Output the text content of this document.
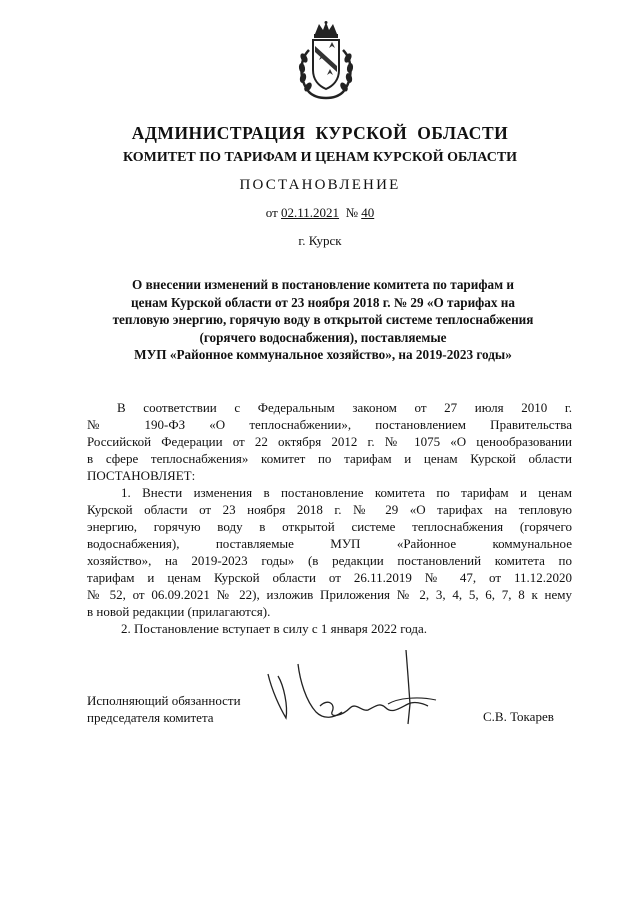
АДМИНИСТРАЦИЯ КУРСКОЙ ОБЛАСТИ
КОМИТЕТ ПО ТАРИФАМ И ЦЕНАМ КУРСКОЙ ОБЛАСТИ
ПОСТАНОВЛЕНИЕ
от 02.11.2021 № 40
г. Курск
О внесении изменений в постановление комитета по тарифам и
ценам Курской области от 23 ноября 2018 г. № 29 «О тарифах на
тепловую энергию, горячую воду в открытой системе теплоснабжения
(горячего водоснабжения), поставляемые
МУП «Районное коммунальное хозяйство», на 2019-2023 годы»
В соответствии с Федеральным законом от 27 июля 2010 г.
№ 190-ФЗ «О теплоснабжении», постановлением Правительства
Российской Федерации от 22 октября 2012 г. № 1075 «О ценообразовании
в сфере теплоснабжения» комитет по тарифам и ценам Курской области
ПОСТАНОВЛЯЕТ:
1. Внести изменения в постановление комитета по тарифам и ценам
Курской области от 23 ноября 2018 г. № 29 «О тарифах на тепловую
энергию, горячую воду в открытой системе теплоснабжения (горячего
водоснабжения), поставляемые МУП «Районное коммунальное
хозяйство», на 2019-2023 годы» (в редакции постановлений комитета по
тарифам и ценам Курской области от 26.11.2019 № 47, от 11.12.2020
№ 52, от 06.09.2021 № 22), изложив Приложения № 2, 3, 4, 5, 6, 7, 8 к нему
в новой редакции (прилагаются).
2. Постановление вступает в силу с 1 января 2022 года.
Исполняющий обязанности
председателя комитета	С.В. Токарев
